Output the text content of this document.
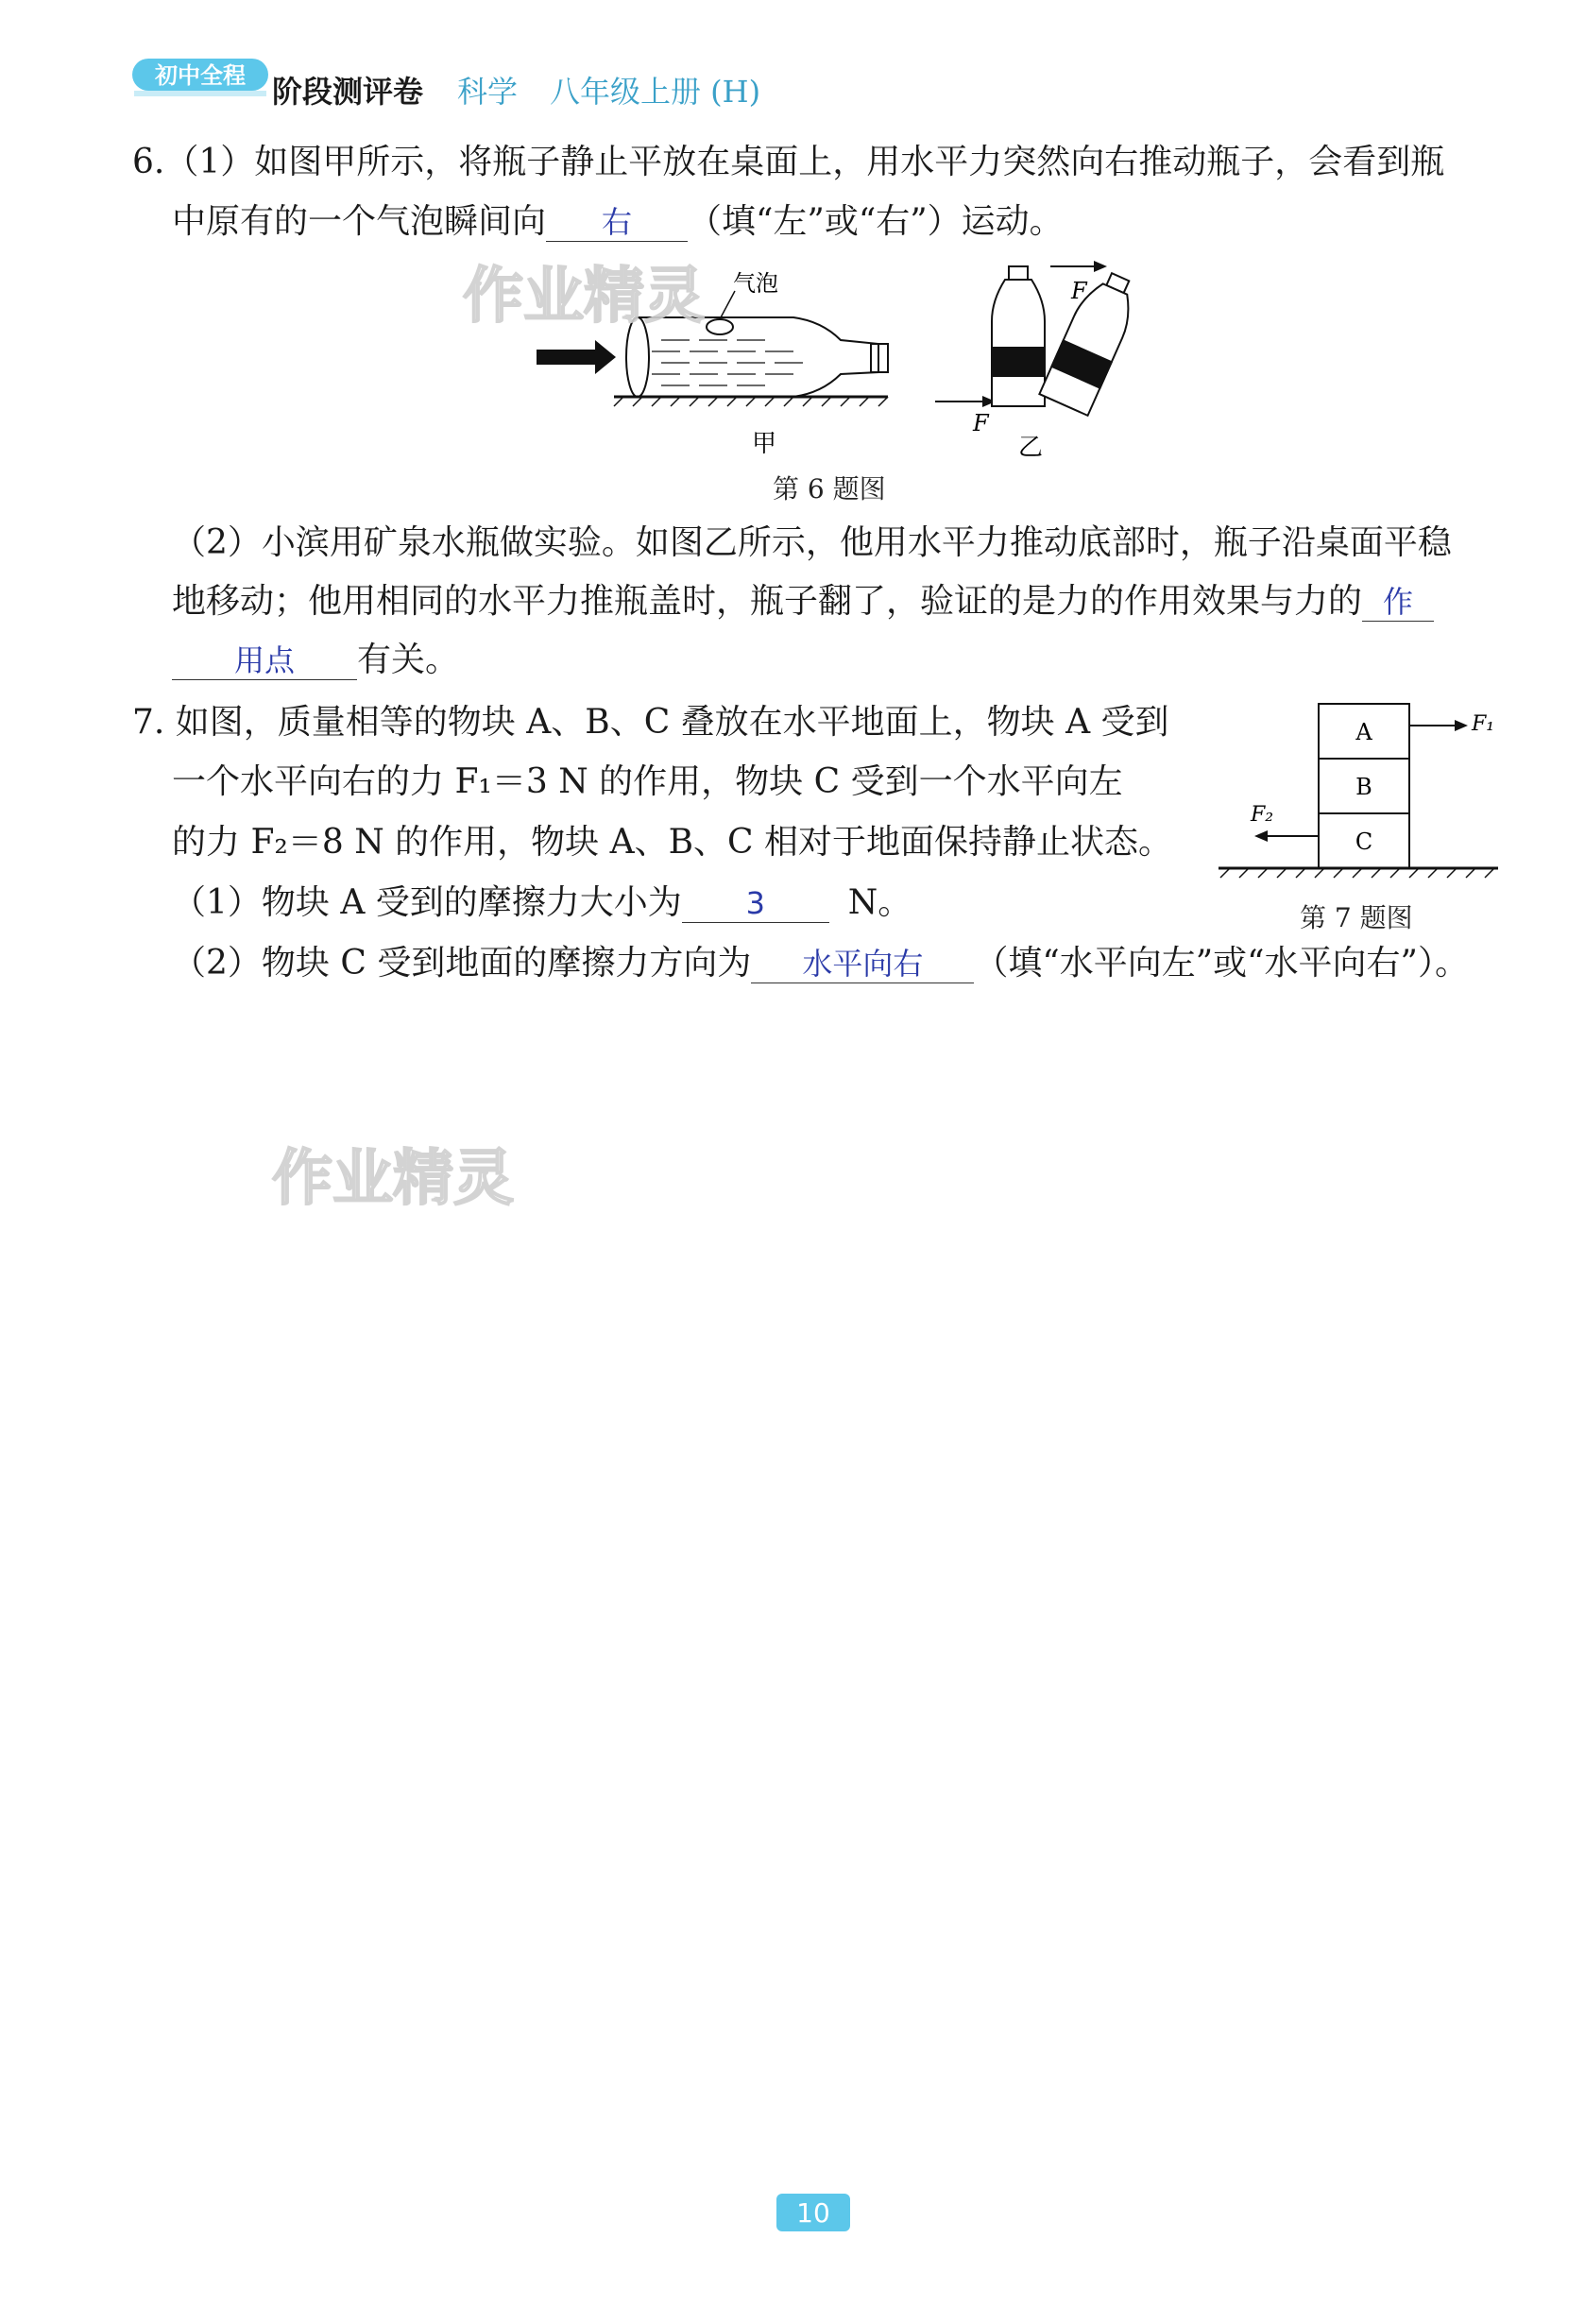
初中全程 阶段测评卷 科学 八年级上册 (H)
6.（1）如图甲所示，将瓶子静止平放在桌面上，用水平力突然向右推动瓶子，会看到瓶
中原有的一个气泡瞬间向 右 （填“左”或“右”）运动。
气泡
甲
F
F
乙
第 6 题图
（2）小滨用矿泉水瓶做实验。如图乙所示，他用水平力推动底部时，瓶子沿桌面平稳
地移动；他用相同的水平力推瓶盖时，瓶子翻了，验证的是力的作用效果与力的 作
用点 有关。
7. 如图，质量相等的物块 A、B、C 叠放在水平地面上，物块 A 受到
一个水平向右的力 F₁＝3 N 的作用，物块 C 受到一个水平向左
的力 F₂＝8 N 的作用，物块 A、B、C 相对于地面保持静止状态。
（1）物块 A 受到的摩擦力大小为 3 N。
（2）物块 C 受到地面的摩擦力方向为 水平向右 （填“水平向左”或“水平向右”）。
A
B
C
F₁
F₂
第 7 题图
作业精灵
作业精灵
10
